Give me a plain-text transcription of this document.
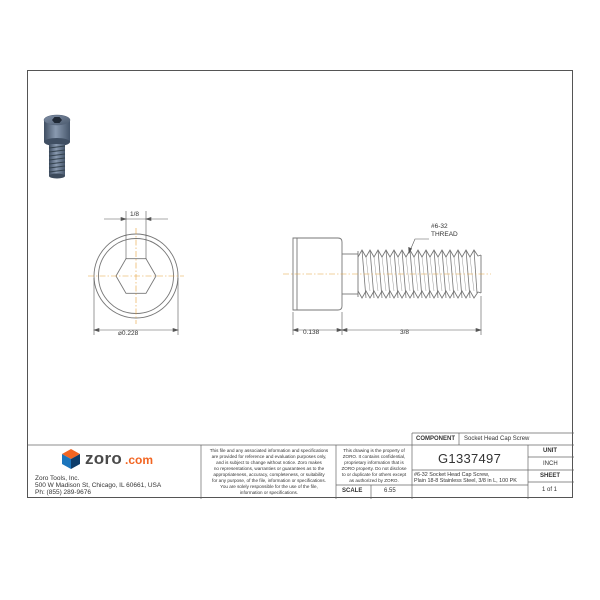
1/8
⌀0.228	0.138	3/8
#6-32
THREAD
zoro .com
Zoro Tools, Inc.
500 W Madison St, Chicago, IL 60661, USA
Ph: (855) 289-9676
This file and any associated information and specifications
are provided for reference and evaluation purposes only,
and is subject to change without notice. Zoro makes
no representations, warranties or guarantees as to the
appropriateness, accuracy, completeness, or suitability
for any purpose, of the file, information or specifications.
You are solely responsible for the use of the file,
information or specifications.
This drawing is the property of
ZORO. It contains confidential,
proprietary information that is
ZORO property. Do not disclose
to or duplicate for others except
as authorized by ZORO.
COMPONENT Socket Head Cap Screw
G1337497
#6-32 Socket Head Cap Screw,
Plain 18-8 Stainless Steel, 3/8 in L, 100 PK
UNIT
INCH
SHEET
1 of 1
SCALE	6.55
